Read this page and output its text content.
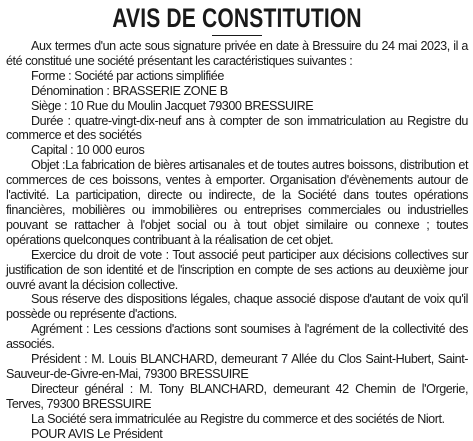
AVIS DE CONSTITUTION

Aux termes d'un acte sous signature privée en date à Bressuire du 24 mai 2023, il a été constitué une société présentant les caractéristiques suivantes :

Forme : Société par actions simplifiée

Dénomination : BRASSERIE ZONE B

Siège : 10 Rue du Moulin Jacquet 79300 BRESSUIRE

Durée : quatre-vingt-dix-neuf ans à compter de son immatriculation au Registre du commerce et des sociétés

Capital : 10 000 euros

Objet :La fabrication de bières artisanales et de toutes autres boissons, distribution et commerces de ces boissons, ventes à emporter. Organisation d'évènements autour de l'activité. La participation, directe ou indirecte, de la Société dans toutes opérations financières, mobilières ou immobilières ou entreprises commerciales ou industrielles pouvant se rattacher à l'objet social ou à tout objet similaire ou connexe ; toutes opérations quelconques contribuant à la réalisation de cet objet.

Exercice du droit de vote : Tout associé peut participer aux décisions collectives sur justification de son identité et de l'inscription en compte de ses actions au deuxième jour ouvré avant la décision collective.

Sous réserve des dispositions légales, chaque associé dispose d'autant de voix qu'il possède ou représente d'actions.

Agrément : Les cessions d'actions sont soumises à l'agrément de la collectivité des associés.

Président : M. Louis BLANCHARD, demeurant 7 Allée du Clos Saint-Hubert, Saint-Sauveur-de-Givre-en-Mai, 79300 BRESSUIRE

Directeur général : M. Tony BLANCHARD, demeurant 42 Chemin de l'Orgerie, Terves, 79300 BRESSUIRE

La Société sera immatriculée au Registre du commerce et des sociétés de Niort.

POUR AVIS Le Président
